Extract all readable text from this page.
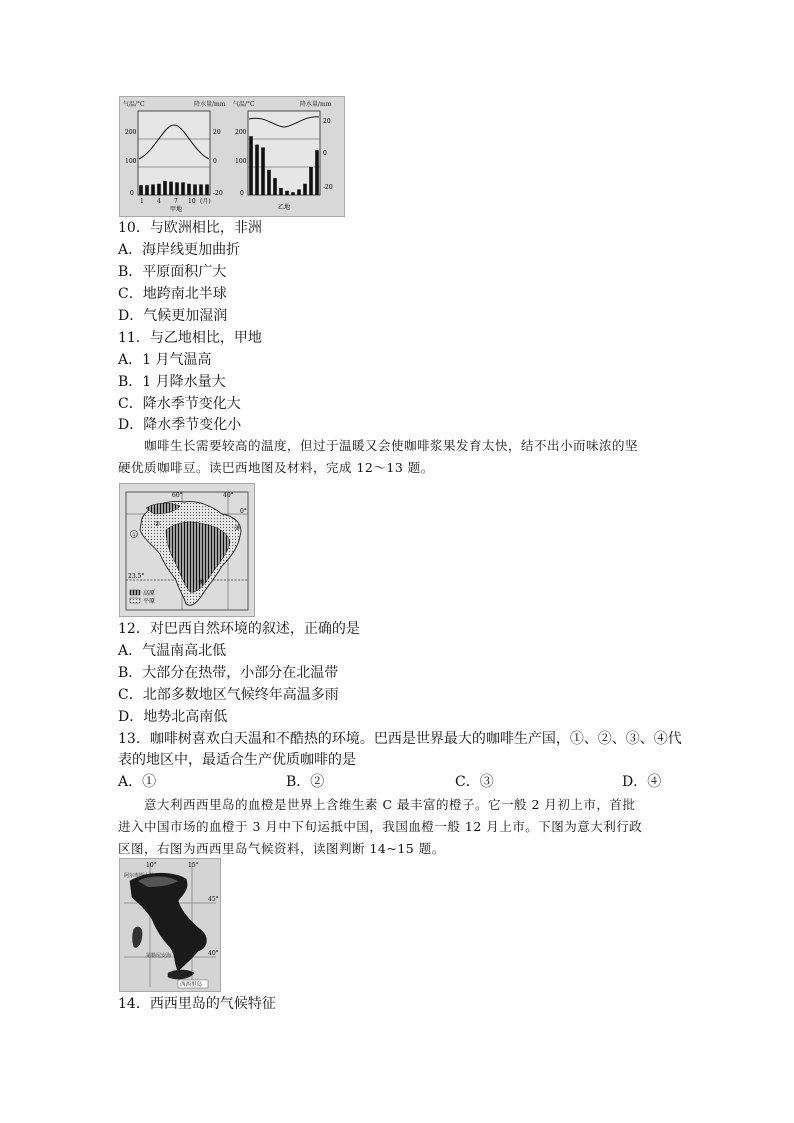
气温/°C	降水量/mm
200
100
0
20
0
-20
1 4 7 10 (月)
甲地
气温/°C	降水量/mm
200
100
0
20
0
-20
乙地
10．与欧洲相比，非洲
A．海岸线更加曲折
B．平原面积广大
C．地跨南北半球
D．气候更加湿润
11．与乙地相比，甲地
A．1 月气温高
B．1 月降水量大
C．降水季节变化大
D．降水季节变化小
咖啡生长需要较高的温度，但过于温暖又会使咖啡浆果发育太快，结不出小而味浓的坚
硬优质咖啡豆。读巴西地图及材料，完成 12～13 题。
60°	40°
0°
23.5°
①
②	③
④
高原
平原
12．对巴西自然环境的叙述，正确的是
A．气温南高北低
B．大部分在热带，小部分在北温带
C．北部多数地区气候终年高温多雨
D．地势北高南低
13．咖啡树喜欢白天温和不酷热的环境。巴西是世界最大的咖啡生产国，①、②、③、④代
表的地区中，最适合生产优质咖啡的是
A．①	B．②	C．③	D．④
意大利西西里岛的血橙是世界上含维生素 C 最丰富的橙子。它一般 2 月初上市，首批
进入中国市场的血橙于 3 月中下旬运抵中国，我国血橙一般 12 月上市。下图为意大利行政
区图，右图为西西里岛气候资料，读图判断 14~15 题。
10°	15°
45°
40°
阿尔卑斯山脉
第勒尼安海
西西里岛
14．西西里岛的气候特征
